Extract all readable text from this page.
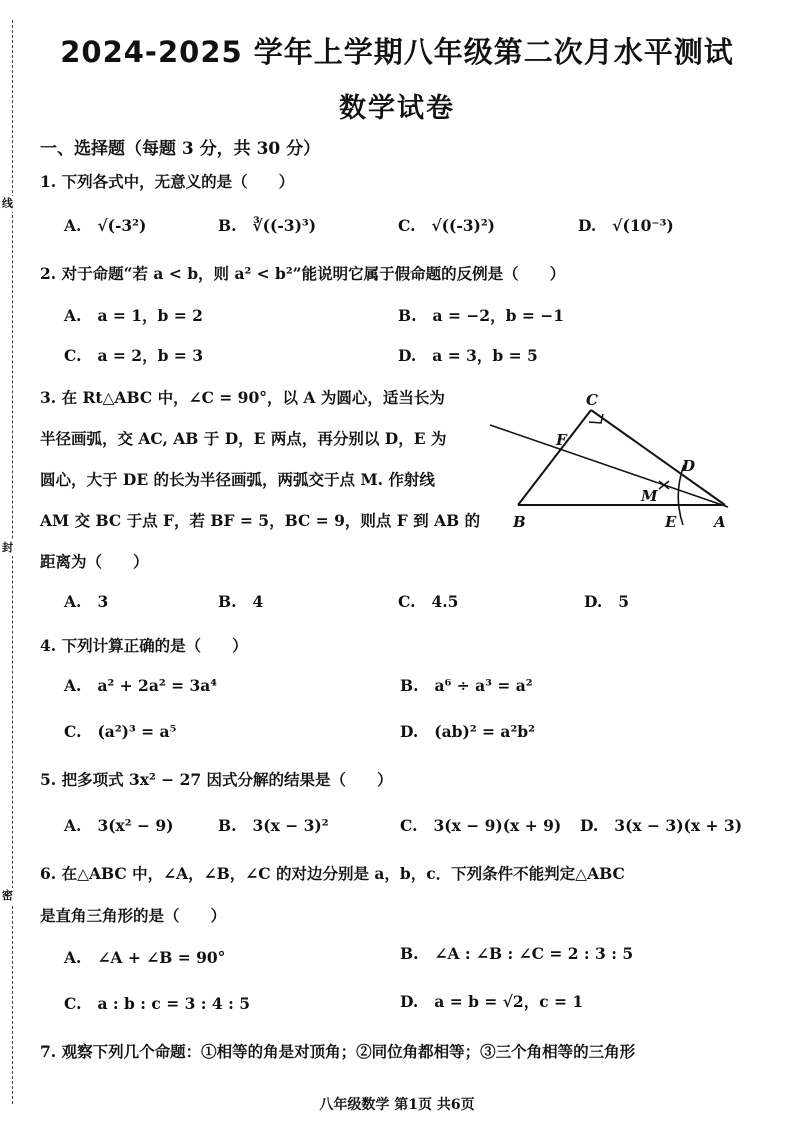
线
封
密
2024-2025 学年上学期八年级第二次月水平测试
数学试卷
一、选择题（每题 3 分，共 30 分）
1. 下列各式中，无意义的是（　　）
A. √(-3²)	B. ∛((-3)³)	C. √((-3)²)	D. √(10⁻³)
2. 对于命题“若 a < b，则 a² < b²”能说明它属于假命题的反例是（　　）
A. a = 1，b = 2	B. a = −2，b = −1
C. a = 2，b = 3	D. a = 3，b = 5
3. 在 Rt△ABC 中，∠C = 90°，以 A 为圆心，适当长为
半径画弧，交 AC, AB 于 D，E 两点，再分别以 D，E 为
圆心，大于 DE 的长为半径画弧，两弧交于点 M. 作射线
AM 交 BC 于点 F，若 BF = 5，BC = 9，则点 F 到 AB 的
距离为（　　）
C
F
D
M
B	E	A
A. 3	B. 4	C. 4.5	D. 5
4. 下列计算正确的是（　　）
A. a² + 2a² = 3a⁴	B. a⁶ ÷ a³ = a²
C. (a²)³ = a⁵	D. (ab)² = a²b²
5. 把多项式 3x² − 27 因式分解的结果是（　　）
A. 3(x² − 9)	B. 3(x − 3)²	C. 3(x − 9)(x + 9) D. 3(x − 3)(x + 3)
6. 在△ABC 中，∠A，∠B，∠C 的对边分别是 a，b，c．下列条件不能判定△ABC
是直角三角形的是（　　）
A. ∠A + ∠B = 90°	B. ∠A : ∠B : ∠C = 2 : 3 : 5
C. a : b : c = 3 : 4 : 5	D. a = b = √2，c = 1
7. 观察下列几个命题：①相等的角是对顶角；②同位角都相等；③三个角相等的三角形
八年级数学 第1页 共6页
